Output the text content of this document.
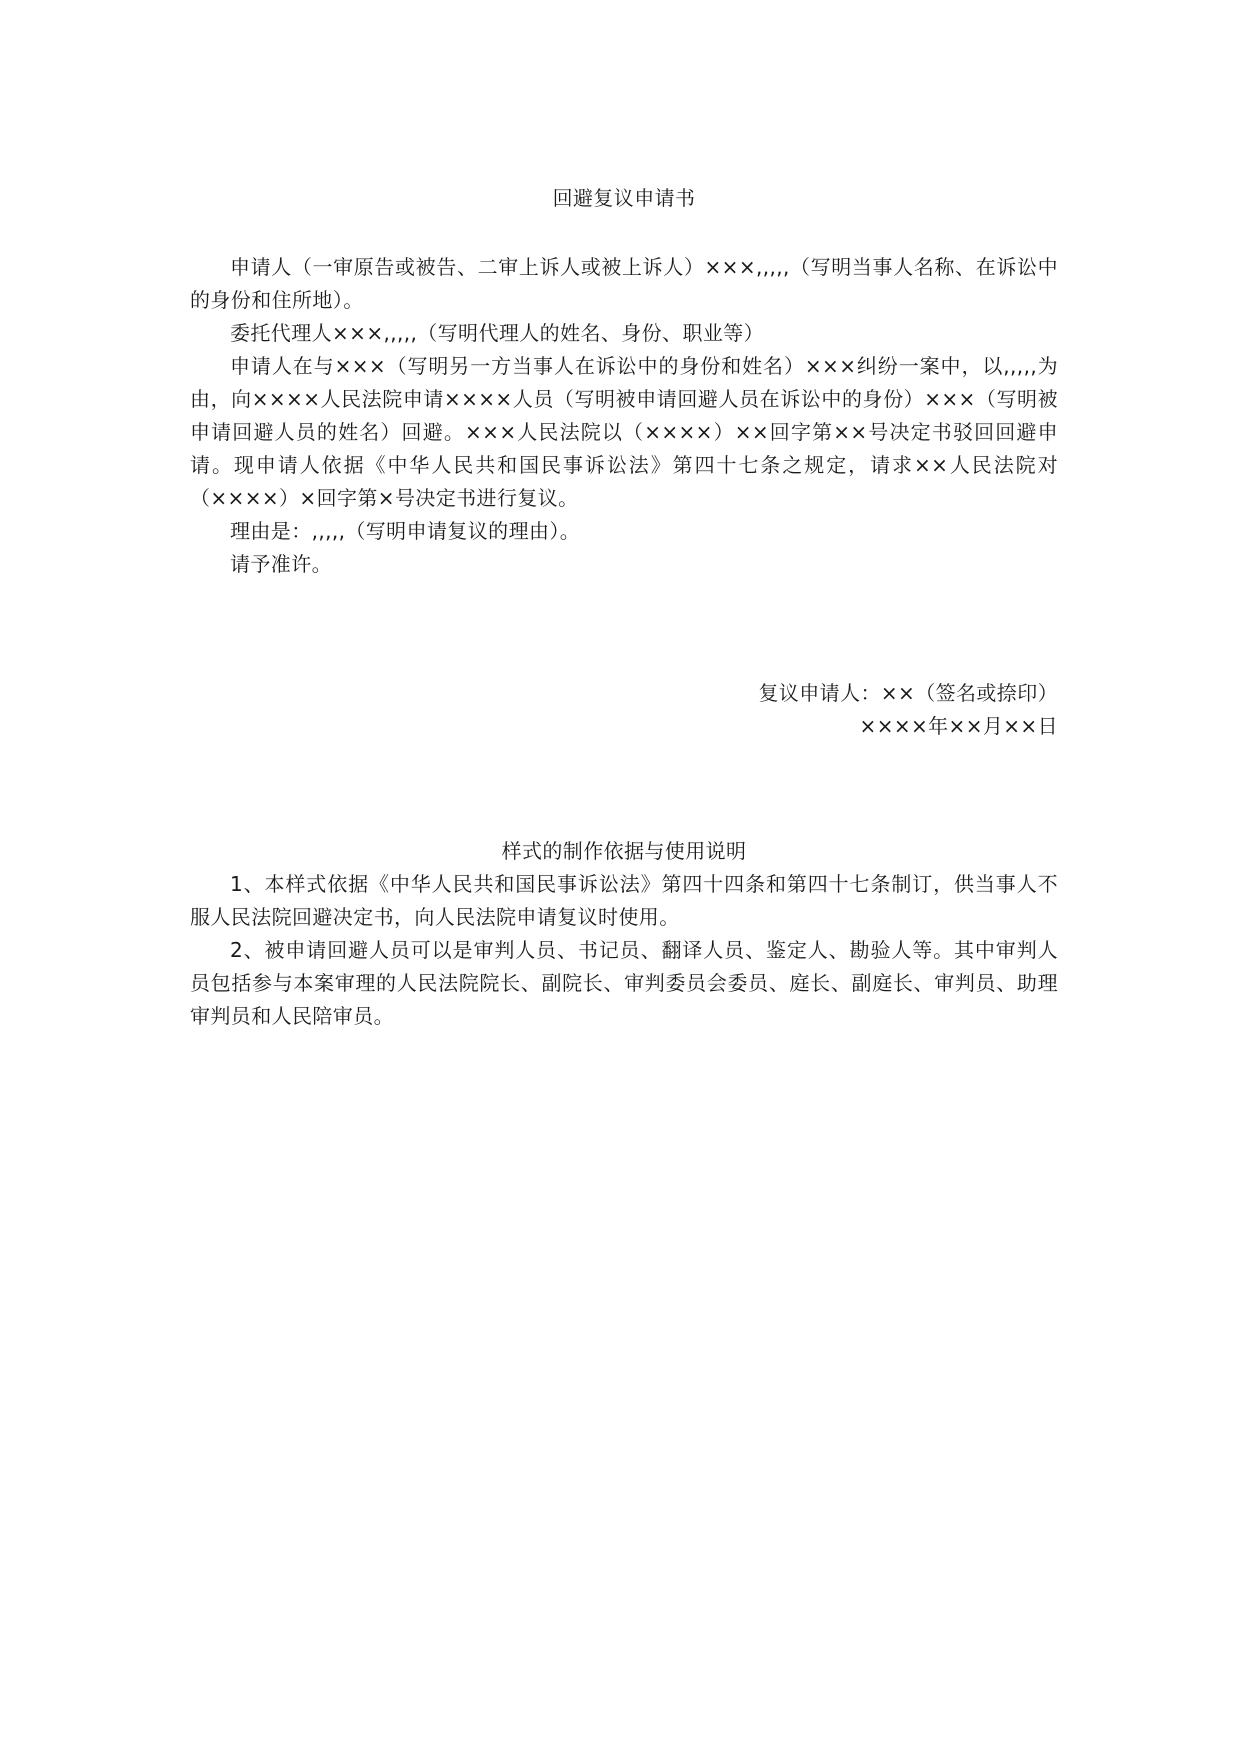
回避复议申请书

申请人（一审原告或被告、二审上诉人或被上诉人）×××,,,,,（写明当事人名称、在诉讼中的身份和住所地）。

委托代理人×××,,,,,（写明代理人的姓名、身份、职业等）

申请人在与×××（写明另一方当事人在诉讼中的身份和姓名）×××纠纷一案中，以,,,,,为由，向××××人民法院申请××××人员（写明被申请回避人员在诉讼中的身份）×××（写明被申请回避人员的姓名）回避。×××人民法院以（××××）××回字第××号决定书驳回回避申请。现申请人依据《中华人民共和国民事诉讼法》第四十七条之规定，请求××人民法院对（××××）×回字第×号决定书进行复议。

理由是：,,,,,（写明申请复议的理由）。

请予准许。

复议申请人：××（签名或捺印）
××××年××月××日
样式的制作依据与使用说明

1、本样式依据《中华人民共和国民事诉讼法》第四十四条和第四十七条制订，供当事人不服人民法院回避决定书，向人民法院申请复议时使用。

2、被申请回避人员可以是审判人员、书记员、翻译人员、鉴定人、勘验人等。其中审判人员包括参与本案审理的人民法院院长、副院长、审判委员会委员、庭长、副庭长、审判员、助理审判员和人民陪审员。
